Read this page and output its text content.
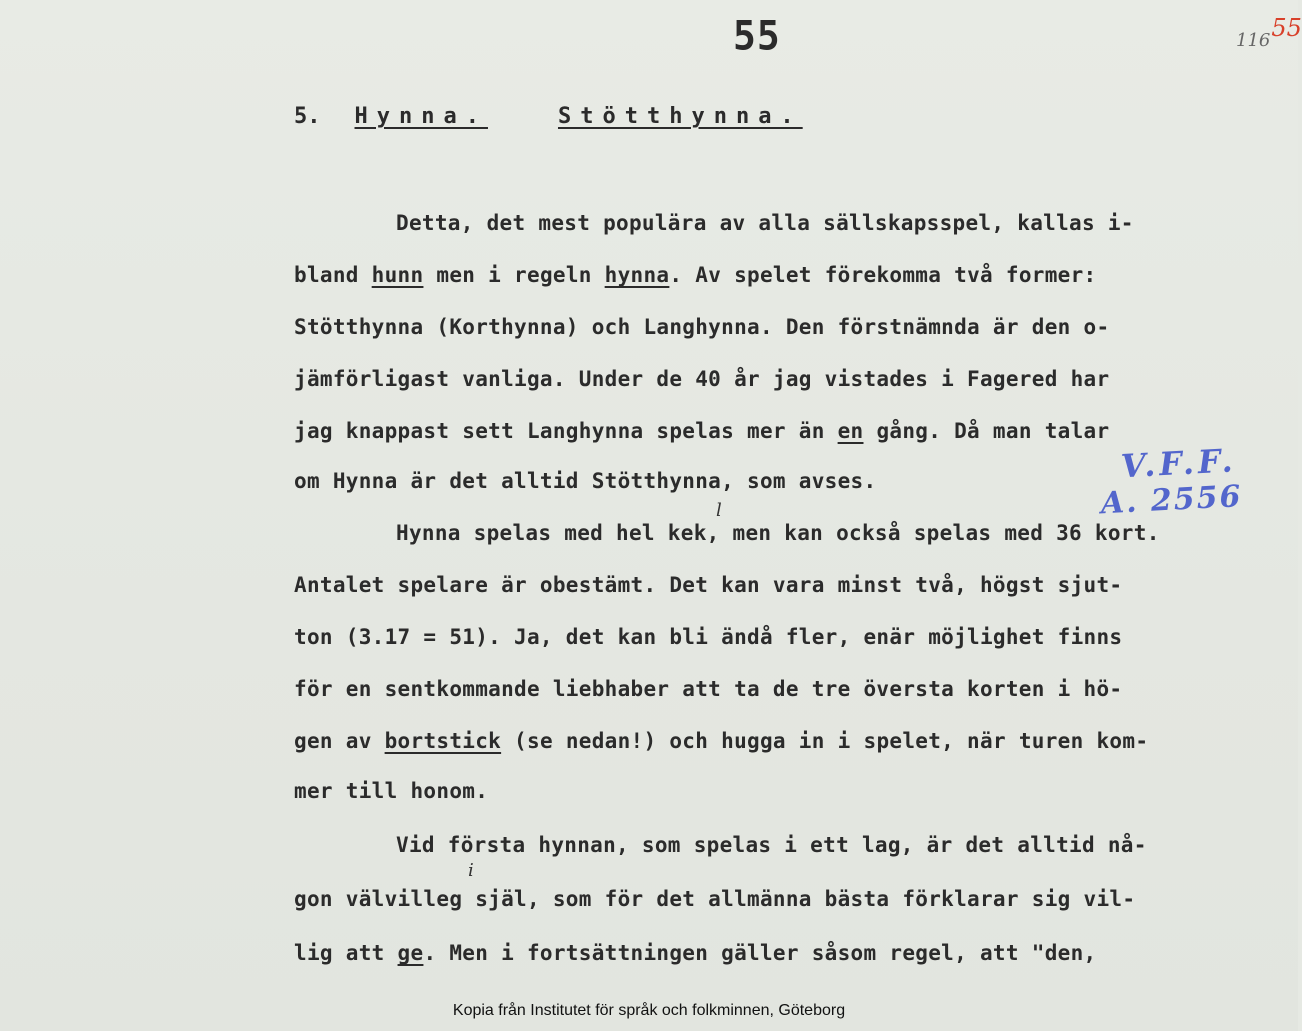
55	11655
5. Hynna.	Stötthynna.
Detta, det mest populära av alla sällskapsspel, kallas i-
bland hunn men i regeln hynna. Av spelet förekomma två former:
Stötthynna (Korthynna) och Langhynna. Den förstnämnda är den o-
jämförligast vanliga. Under de 40 år jag vistades i Fagered har
jag knappast sett Langhynna spelas mer än en gång. Då man talar
om Hynna är det alltid Stötthynna, som avses.
Hynna spelas med hel kek, men kan också spelas med 36 kort.
Antalet spelare är obestämt. Det kan vara minst två, högst sjut-
ton (3.17 = 51). Ja, det kan bli ändå fler, enär möjlighet finns
för en sentkommande liebhaber att ta de tre översta korten i hö-
gen av bortstick (se nedan!) och hugga in i spelet, när turen kom-
mer till honom.
Vid första hynnan, som spelas i ett lag, är det alltid nå-
gon välvilleg själ, som för det allmänna bästa förklarar sig vil-
lig att ge. Men i fortsättningen gäller såsom regel, att "den,
l
i
V.F.F.
A. 2556
Kopia från Institutet för språk och folkminnen, Göteborg
